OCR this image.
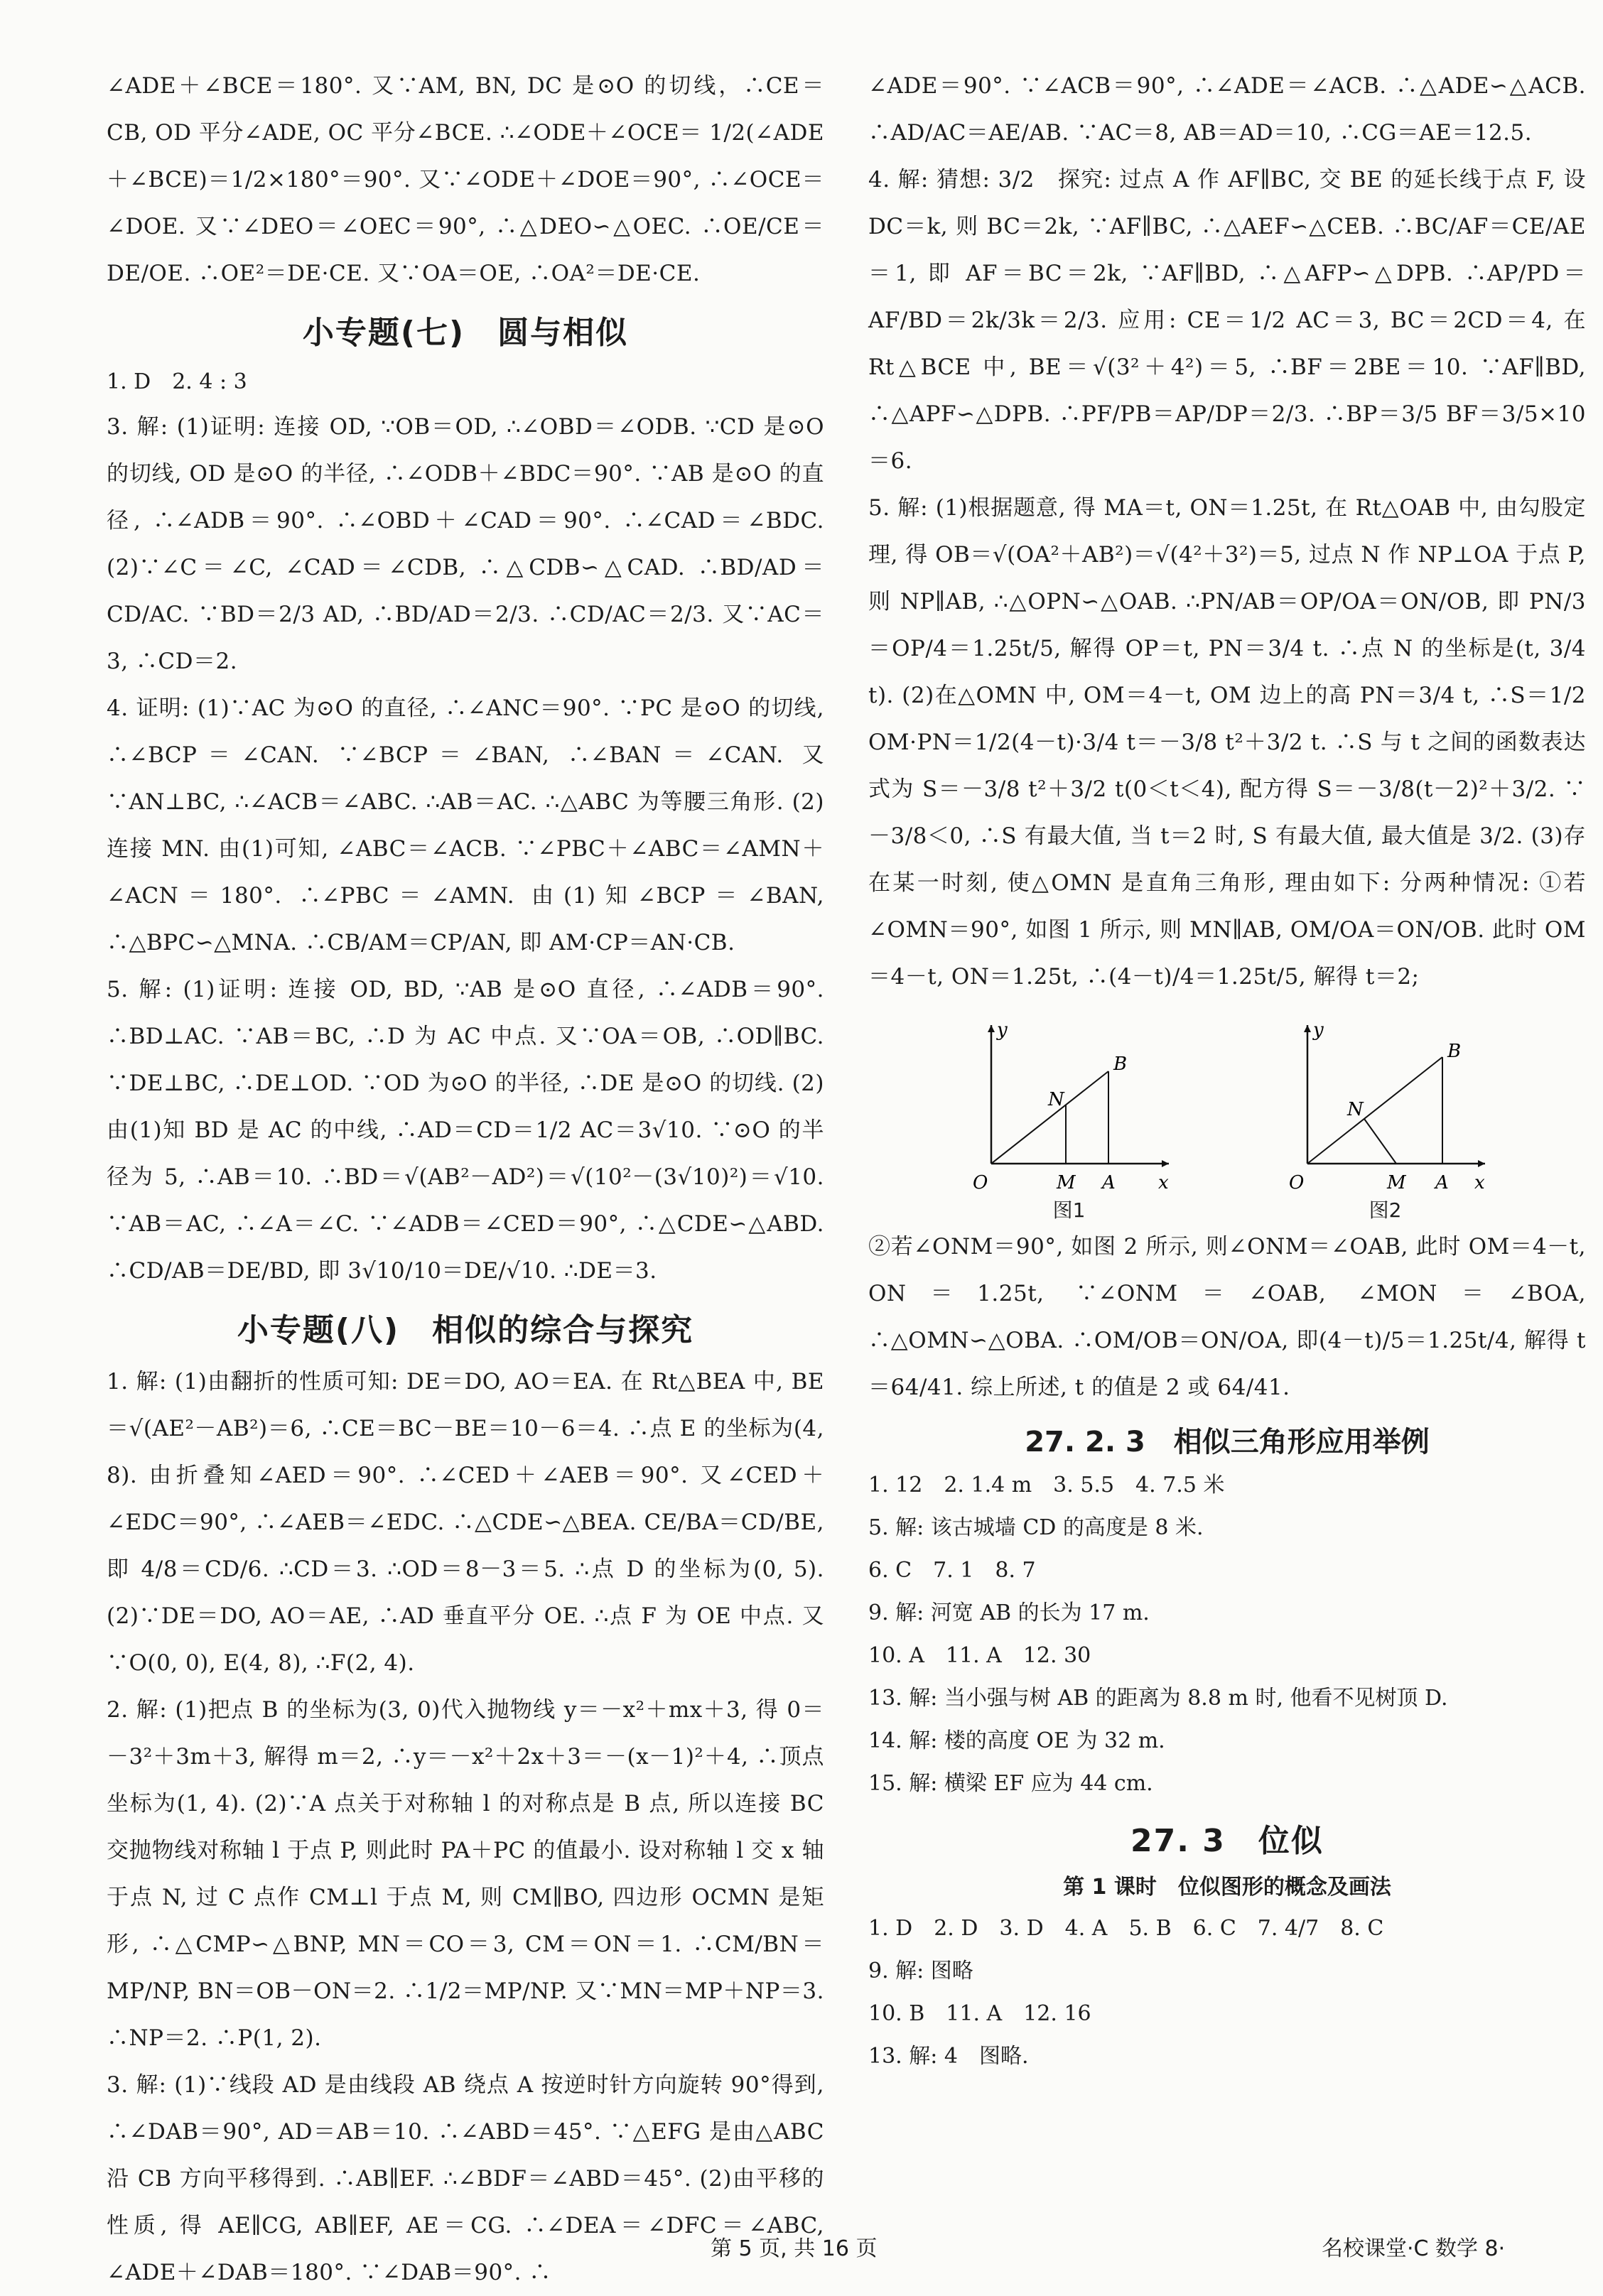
∠ADE＋∠BCE＝180°. 又∵AM, BN, DC 是⊙O 的切线，∴CE＝CB, OD 平分∠ADE, OC 平分∠BCE. ∴∠ODE＋∠OCE＝ 1/2(∠ADE＋∠BCE)＝1/2×180°＝90°. 又∵∠ODE＋∠DOE＝90°, ∴∠OCE＝∠DOE. 又∵∠DEO＝∠OEC＝90°, ∴△DEO∽△OEC. ∴OE/CE＝DE/OE. ∴OE²＝DE·CE. 又∵OA＝OE, ∴OA²＝DE·CE.

小专题(七)　圆与相似

1. D　2. 4 : 3

3. 解: (1)证明: 连接 OD, ∵OB＝OD, ∴∠OBD＝∠ODB. ∵CD 是⊙O 的切线, OD 是⊙O 的半径, ∴∠ODB＋∠BDC＝90°. ∵AB 是⊙O 的直径, ∴∠ADB＝90°. ∴∠OBD＋∠CAD＝90°. ∴∠CAD＝∠BDC. (2)∵∠C＝∠C, ∠CAD＝∠CDB, ∴△CDB∽△CAD. ∴BD/AD＝CD/AC. ∵BD＝2/3 AD, ∴BD/AD＝2/3. ∴CD/AC＝2/3. 又∵AC＝3, ∴CD＝2.

4. 证明: (1)∵AC 为⊙O 的直径, ∴∠ANC＝90°. ∵PC 是⊙O 的切线, ∴∠BCP＝∠CAN. ∵∠BCP＝∠BAN, ∴∠BAN＝∠CAN. 又∵AN⊥BC, ∴∠ACB＝∠ABC. ∴AB＝AC. ∴△ABC 为等腰三角形. (2)连接 MN. 由(1)可知, ∠ABC＝∠ACB. ∵∠PBC＋∠ABC＝∠AMN＋∠ACN＝180°. ∴∠PBC＝∠AMN. 由(1)知∠BCP＝∠BAN, ∴△BPC∽△MNA. ∴CB/AM＝CP/AN, 即 AM·CP＝AN·CB.

5. 解: (1)证明: 连接 OD, BD, ∵AB 是⊙O 直径, ∴∠ADB＝90°. ∴BD⊥AC. ∵AB＝BC, ∴D 为 AC 中点. 又∵OA＝OB, ∴OD∥BC. ∵DE⊥BC, ∴DE⊥OD. ∵OD 为⊙O 的半径, ∴DE 是⊙O 的切线. (2)由(1)知 BD 是 AC 的中线, ∴AD＝CD＝1/2 AC＝3√10. ∵⊙O 的半径为 5, ∴AB＝10. ∴BD＝√(AB²－AD²)＝√(10²－(3√10)²)＝√10. ∵AB＝AC, ∴∠A＝∠C. ∵∠ADB＝∠CED＝90°, ∴△CDE∽△ABD. ∴CD/AB＝DE/BD, 即 3√10/10＝DE/√10. ∴DE＝3.

小专题(八)　相似的综合与探究

1. 解: (1)由翻折的性质可知: DE＝DO, AO＝EA. 在 Rt△BEA 中, BE＝√(AE²－AB²)＝6, ∴CE＝BC－BE＝10－6＝4. ∴点 E 的坐标为(4, 8). 由折叠知∠AED＝90°. ∴∠CED＋∠AEB＝90°. 又∠CED＋∠EDC＝90°, ∴∠AEB＝∠EDC. ∴△CDE∽△BEA. CE/BA＝CD/BE, 即 4/8＝CD/6. ∴CD＝3. ∴OD＝8－3＝5. ∴点 D 的坐标为(0, 5). (2)∵DE＝DO, AO＝AE, ∴AD 垂直平分 OE. ∴点 F 为 OE 中点. 又∵O(0, 0), E(4, 8), ∴F(2, 4).

2. 解: (1)把点 B 的坐标为(3, 0)代入抛物线 y＝－x²＋mx＋3, 得 0＝－3²＋3m＋3, 解得 m＝2, ∴y＝－x²＋2x＋3＝－(x－1)²＋4, ∴顶点坐标为(1, 4). (2)∵A 点关于对称轴 l 的对称点是 B 点, 所以连接 BC 交抛物线对称轴 l 于点 P, 则此时 PA＋PC 的值最小. 设对称轴 l 交 x 轴于点 N, 过 C 点作 CM⊥l 于点 M, 则 CM∥BO, 四边形 OCMN 是矩形, ∴△CMP∽△BNP, MN＝CO＝3, CM＝ON＝1. ∴CM/BN＝MP/NP, BN＝OB－ON＝2. ∴1/2＝MP/NP. 又∵MN＝MP＋NP＝3. ∴NP＝2. ∴P(1, 2).

3. 解: (1)∵线段 AD 是由线段 AB 绕点 A 按逆时针方向旋转 90°得到, ∴∠DAB＝90°, AD＝AB＝10. ∴∠ABD＝45°. ∵△EFG 是由△ABC 沿 CB 方向平移得到. ∴AB∥EF. ∴∠BDF＝∠ABD＝45°. (2)由平移的性质, 得 AE∥CG, AB∥EF, AE＝CG. ∴∠DEA＝∠DFC＝∠ABC, ∠ADE＋∠DAB＝180°. ∵∠DAB＝90°. ∴

∠ADE＝90°. ∵∠ACB＝90°, ∴∠ADE＝∠ACB. ∴△ADE∽△ACB. ∴AD/AC＝AE/AB. ∵AC＝8, AB＝AD＝10, ∴CG＝AE＝12.5.

4. 解: 猜想: 3/2　探究: 过点 A 作 AF∥BC, 交 BE 的延长线于点 F, 设 DC＝k, 则 BC＝2k, ∵AF∥BC, ∴△AEF∽△CEB. ∴BC/AF＝CE/AE＝1, 即 AF＝BC＝2k, ∵AF∥BD, ∴△AFP∽△DPB. ∴AP/PD＝AF/BD＝2k/3k＝2/3. 应用: CE＝1/2 AC＝3, BC＝2CD＝4, 在 Rt△BCE 中, BE＝√(3²＋4²)＝5, ∴BF＝2BE＝10. ∵AF∥BD, ∴△APF∽△DPB. ∴PF/PB＝AP/DP＝2/3. ∴BP＝3/5 BF＝3/5×10＝6.

5. 解: (1)根据题意, 得 MA＝t, ON＝1.25t, 在 Rt△OAB 中, 由勾股定理, 得 OB＝√(OA²＋AB²)＝√(4²＋3²)＝5, 过点 N 作 NP⊥OA 于点 P, 则 NP∥AB, ∴△OPN∽△OAB. ∴PN/AB＝OP/OA＝ON/OB, 即 PN/3＝OP/4＝1.25t/5, 解得 OP＝t, PN＝3/4 t. ∴点 N 的坐标是(t, 3/4 t). (2)在△OMN 中, OM＝4－t, OM 边上的高 PN＝3/4 t, ∴S＝1/2 OM·PN＝1/2(4－t)·3/4 t＝－3/8 t²＋3/2 t. ∴S 与 t 之间的函数表达式为 S＝－3/8 t²＋3/2 t(0＜t＜4), 配方得 S＝－3/8(t－2)²＋3/2. ∵－3/8＜0, ∴S 有最大值, 当 t＝2 时, S 有最大值, 最大值是 3/2. (3)存在某一时刻, 使△OMN 是直角三角形, 理由如下: 分两种情况: ①若∠OMN＝90°, 如图 1 所示, 则 MN∥AB, OM/OA＝ON/OB. 此时 OM＝4－t, ON＝1.25t, ∴(4－t)/4＝1.25t/5, 解得 t＝2;

y
x
O	M A
N
B
图1
y
x
O	M A
N
B
图2

②若∠ONM＝90°, 如图 2 所示, 则∠ONM＝∠OAB, 此时 OM＝4－t, ON＝1.25t, ∵∠ONM＝∠OAB, ∠MON＝∠BOA, ∴△OMN∽△OBA. ∴OM/OB＝ON/OA, 即(4－t)/5＝1.25t/4, 解得 t＝64/41. 综上所述, t 的值是 2 或 64/41.

27. 2. 3　相似三角形应用举例

1. 12　2. 1.4 m　3. 5.5　4. 7.5 米

5. 解: 该古城墙 CD 的高度是 8 米.

6. C　7. 1　8. 7

9. 解: 河宽 AB 的长为 17 m.

10. A　11. A　12. 30

13. 解: 当小强与树 AB 的距离为 8.8 m 时, 他看不见树顶 D.

14. 解: 楼的高度 OE 为 32 m.

15. 解: 横梁 EF 应为 44 cm.

27. 3　位似
第 1 课时　位似图形的概念及画法

1. D　2. D　3. D　4. A　5. B　6. C　7. 4/7　8. C

9. 解: 图略

10. B　11. A　12. 16

13. 解: 4　图略.

第 5 页, 共 16 页	名校课堂·C 数学 8·
